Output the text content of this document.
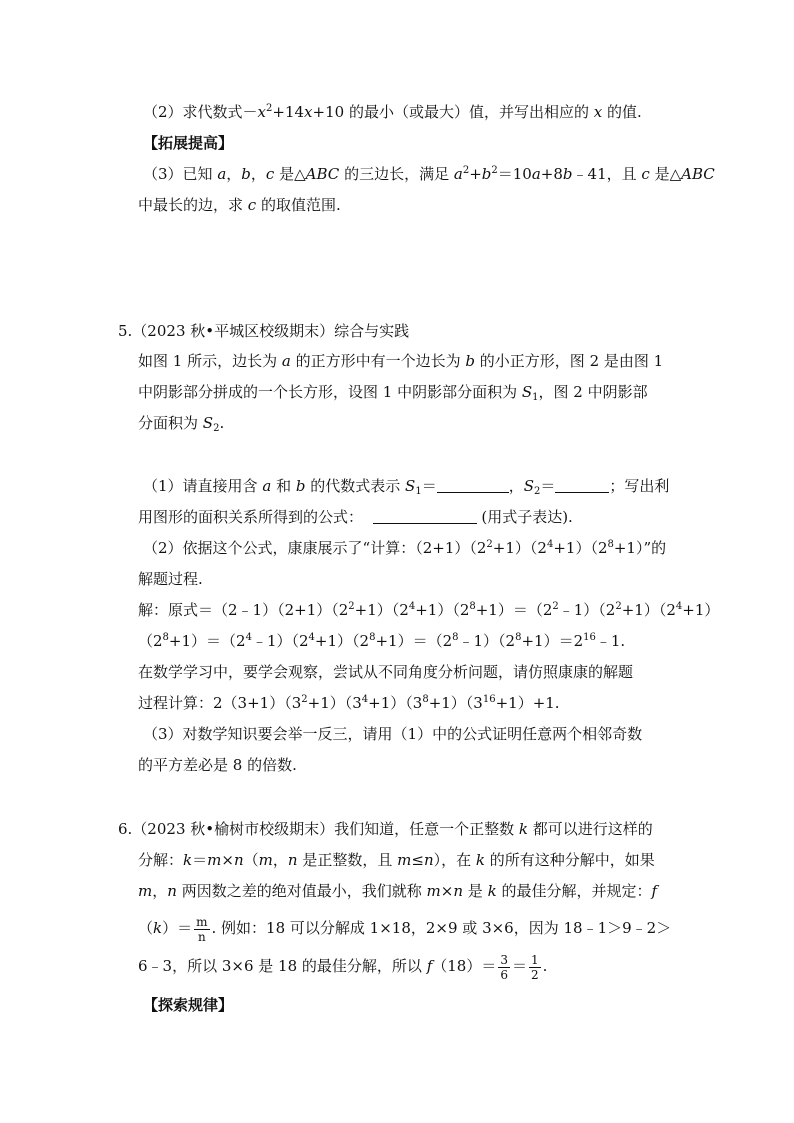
（2）求代数式$-x^2+14x+10$ 的最小（或最大）值，并写出相应的 x 的值.
【拓展提高】
（3）已知 a，b，c 是△ABC 的三边长，满足 $a^2+b^2=10a+8b﹣41$，且 c 是△ABC
中最长的边，求 c 的取值范围.
5.（2023 秋•平城区校级期末）综合与实践
如图 1 所示，边长为 a 的正方形中有一个边长为 b 的小正方形，图 2 是由图 1
中阴影部分拼成的一个长方形，设图 1 中阴影部分面积为 $S_1$，图 2 中阴影部
分面积为 $S_2$.
（1）请直接用含 a 和 b 的代数式表示 $S_1=$	，$S_2=$	；写出利
用图形的面积关系所得到的公式：	(用式子表达).
（2）依据这个公式，康康展示了“计算：$(2+1)(2^2+1)(2^4+1)(2^8+1)$”的
解题过程.
解：原式$=(2﹣1)(2+1)(2^2+1)(2^4+1)(2^8+1)=(2^2﹣1)(2^2+1)(2^4+1)$
$(2^8+1)=(2^4﹣1)(2^4+1)(2^8+1)=(2^8﹣1)(2^8+1)=2^{16}﹣1$.
在数学学习中，要学会观察，尝试从不同角度分析问题，请仿照康康的解题
过程计算：$2(3+1)(3^2+1)(3^4+1)(3^8+1)(3^{16}+1)+1$.
（3）对数学知识要会举一反三，请用（1）中的公式证明任意两个相邻奇数
的平方差必是 8 的倍数.
6.（2023 秋•榆树市校级期末）我们知道，任意一个正整数 k 都可以进行这样的
分解：k＝m×n（m，n 是正整数，且 m≤n），在 k 的所有这种分解中，如果
m，n 两因数之差的绝对值最小，我们就称 m×n 是 k 的最佳分解，并规定：f
$(k)= \frac{m}{n}$ . 例如：18 可以分解成 1×18，2×9 或 3×6，因为 18﹣1＞9﹣2＞
6﹣3，所以 3×6 是 18 的最佳分解，所以 $f(18)= \frac{3}{6} = \frac{1}{2}$ .
【探索规律】
